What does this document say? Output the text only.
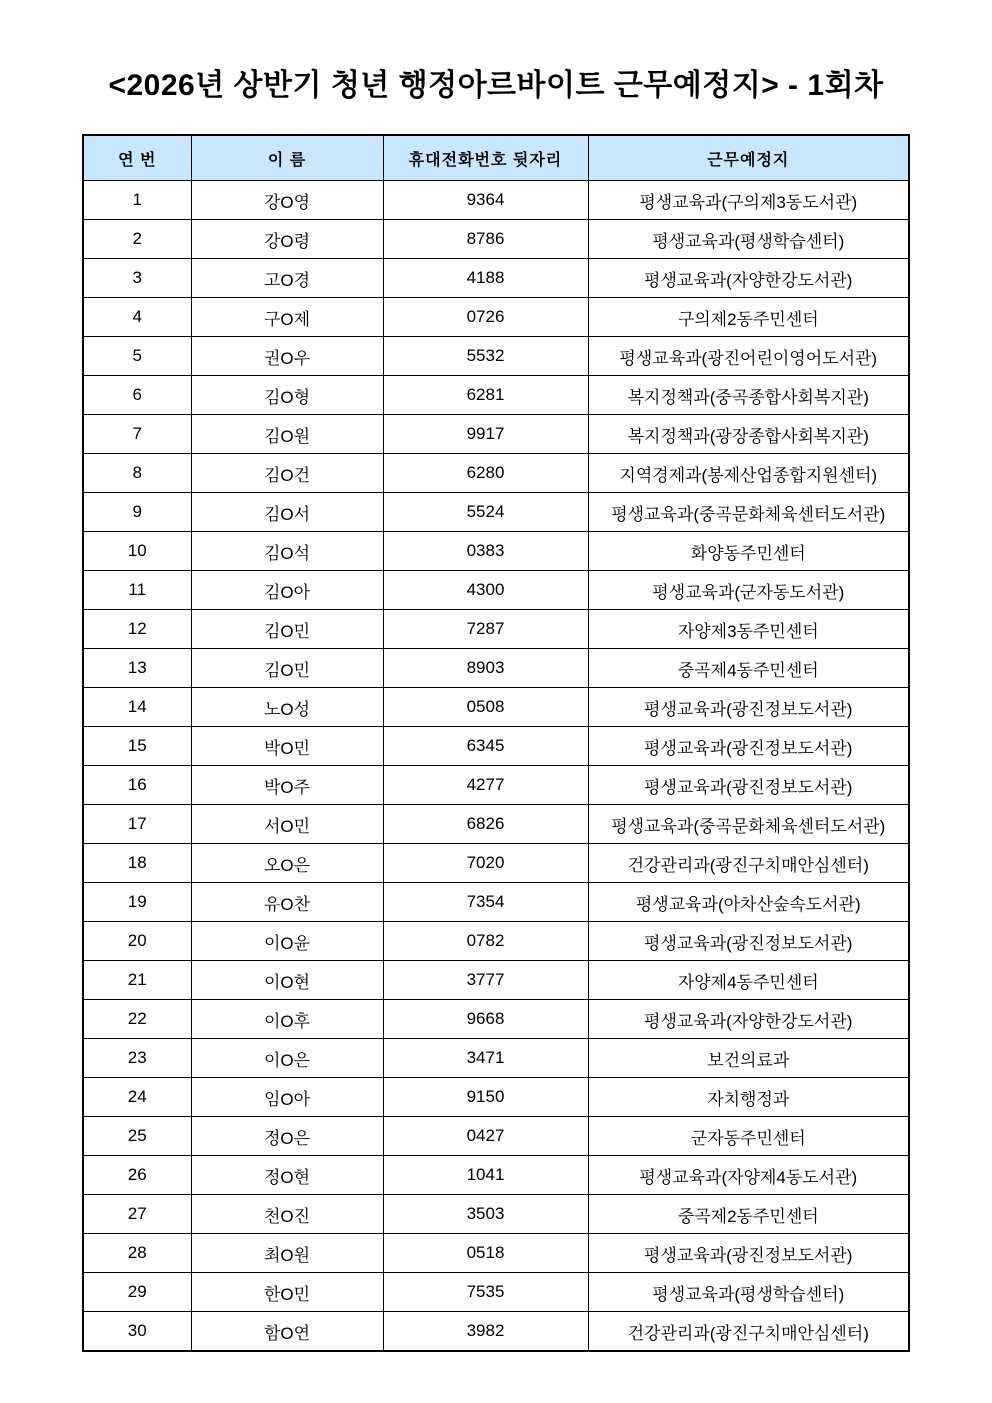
<2026년 상반기 청년 행정아르바이트 근무예정지> - 1회차
연 번	이 름	휴대전화번호 뒷자리	근무예정지
1	강O영	9364	평생교육과(구의제3동도서관)
2	강O령	8786	평생교육과(평생학습센터)
3	고O경	4188	평생교육과(자양한강도서관)
4	구O제	0726	구의제2동주민센터
5	권O우	5532	평생교육과(광진어린이영어도서관)
6	김O형	6281	복지정책과(중곡종합사회복지관)
7	김O원	9917	복지정책과(광장종합사회복지관)
8	김O건	6280	지역경제과(봉제산업종합지원센터)
9	김O서	5524	평생교육과(중곡문화체육센터도서관)
10	김O석	0383	화양동주민센터
11	김O아	4300	평생교육과(군자동도서관)
12	김O민	7287	자양제3동주민센터
13	김O민	8903	중곡제4동주민센터
14	노O성	0508	평생교육과(광진정보도서관)
15	박O민	6345	평생교육과(광진정보도서관)
16	박O주	4277	평생교육과(광진정보도서관)
17	서O민	6826	평생교육과(중곡문화체육센터도서관)
18	오O은	7020	건강관리과(광진구치매안심센터)
19	유O찬	7354	평생교육과(아차산숲속도서관)
20	이O윤	0782	평생교육과(광진정보도서관)
21	이O현	3777	자양제4동주민센터
22	이O후	9668	평생교육과(자양한강도서관)
23	이O은	3471	보건의료과
24	임O아	9150	자치행정과
25	정O은	0427	군자동주민센터
26	정O현	1041	평생교육과(자양제4동도서관)
27	천O진	3503	중곡제2동주민센터
28	최O원	0518	평생교육과(광진정보도서관)
29	한O민	7535	평생교육과(평생학습센터)
30	함O연	3982	건강관리과(광진구치매안심센터)
